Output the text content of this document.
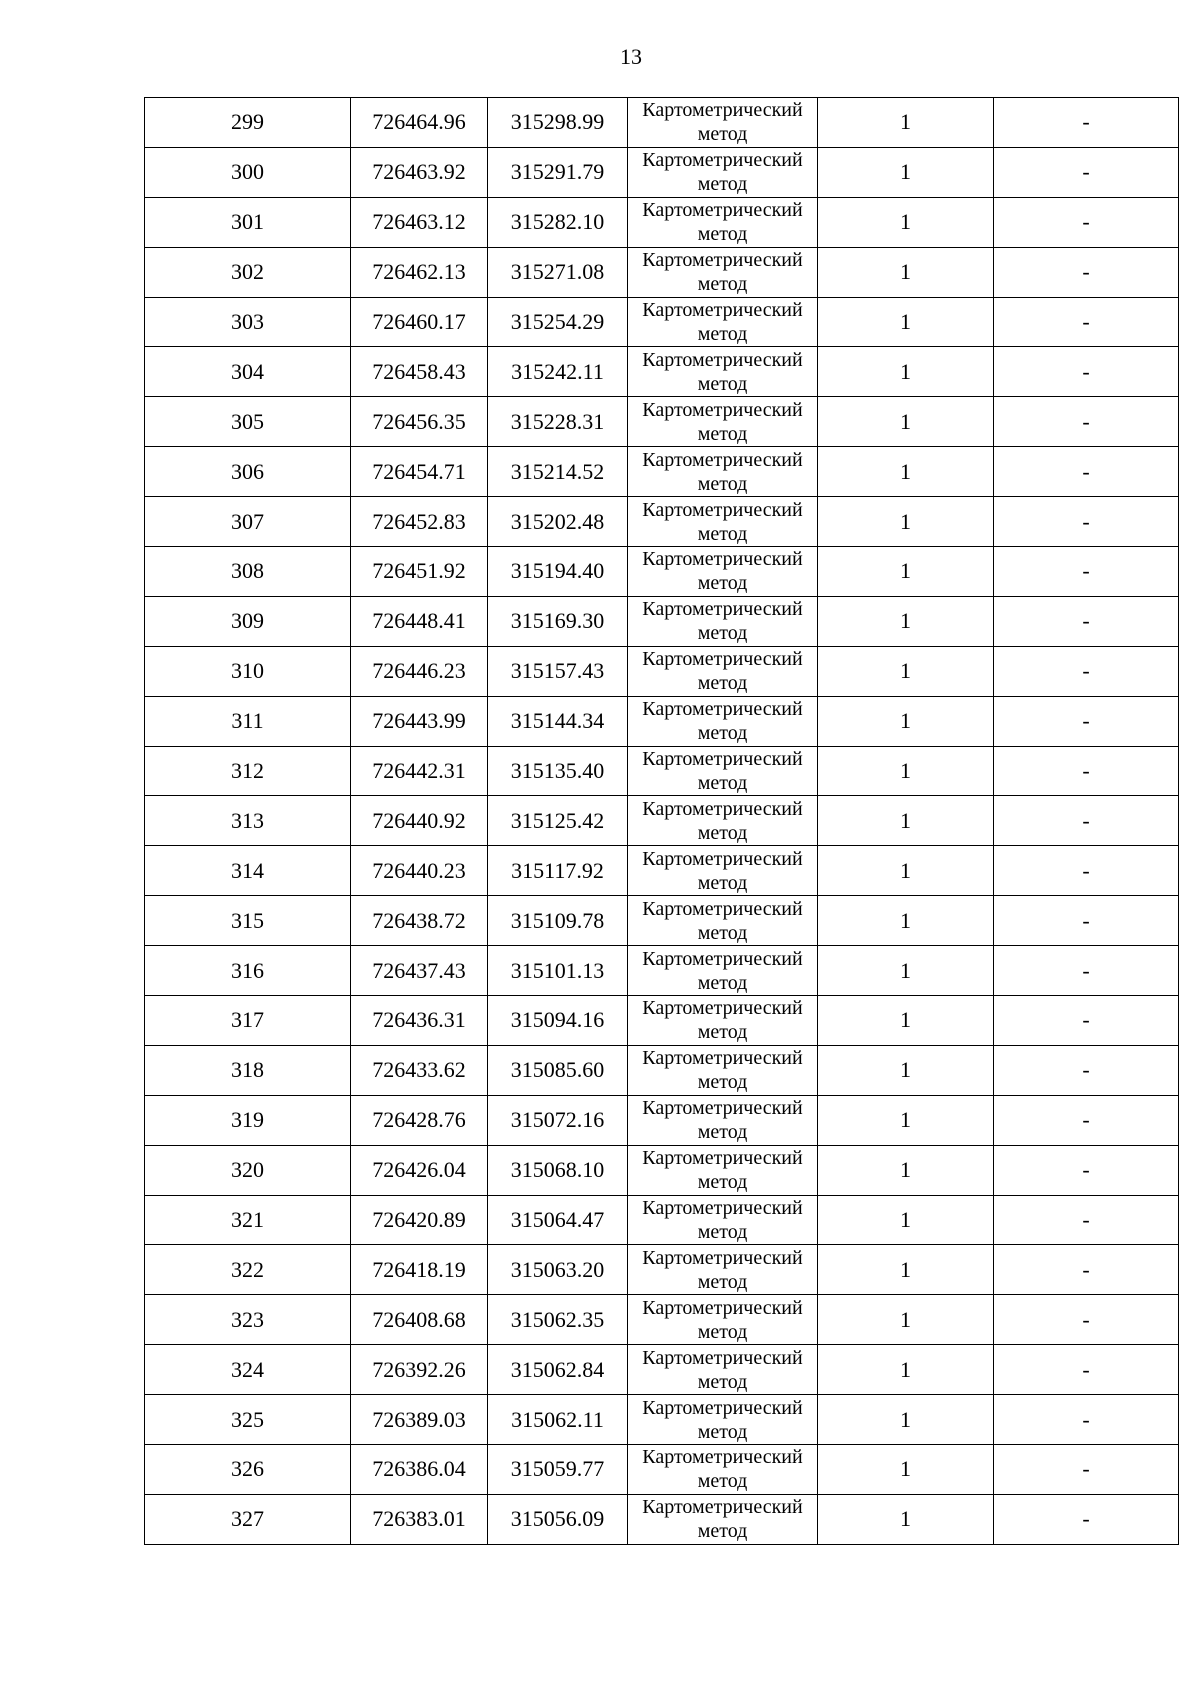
13
299	726464.96	315298.99	Картометрический метод	1	-
300	726463.92	315291.79	Картометрический метод	1	-
301	726463.12	315282.10	Картометрический метод	1	-
302	726462.13	315271.08	Картометрический метод	1	-
303	726460.17	315254.29	Картометрический метод	1	-
304	726458.43	315242.11	Картометрический метод	1	-
305	726456.35	315228.31	Картометрический метод	1	-
306	726454.71	315214.52	Картометрический метод	1	-
307	726452.83	315202.48	Картометрический метод	1	-
308	726451.92	315194.40	Картометрический метод	1	-
309	726448.41	315169.30	Картометрический метод	1	-
310	726446.23	315157.43	Картометрический метод	1	-
311	726443.99	315144.34	Картометрический метод	1	-
312	726442.31	315135.40	Картометрический метод	1	-
313	726440.92	315125.42	Картометрический метод	1	-
314	726440.23	315117.92	Картометрический метод	1	-
315	726438.72	315109.78	Картометрический метод	1	-
316	726437.43	315101.13	Картометрический метод	1	-
317	726436.31	315094.16	Картометрический метод	1	-
318	726433.62	315085.60	Картометрический метод	1	-
319	726428.76	315072.16	Картометрический метод	1	-
320	726426.04	315068.10	Картометрический метод	1	-
321	726420.89	315064.47	Картометрический метод	1	-
322	726418.19	315063.20	Картометрический метод	1	-
323	726408.68	315062.35	Картометрический метод	1	-
324	726392.26	315062.84	Картометрический метод	1	-
325	726389.03	315062.11	Картометрический метод	1	-
326	726386.04	315059.77	Картометрический метод	1	-
327	726383.01	315056.09	Картометрический метод	1	-
